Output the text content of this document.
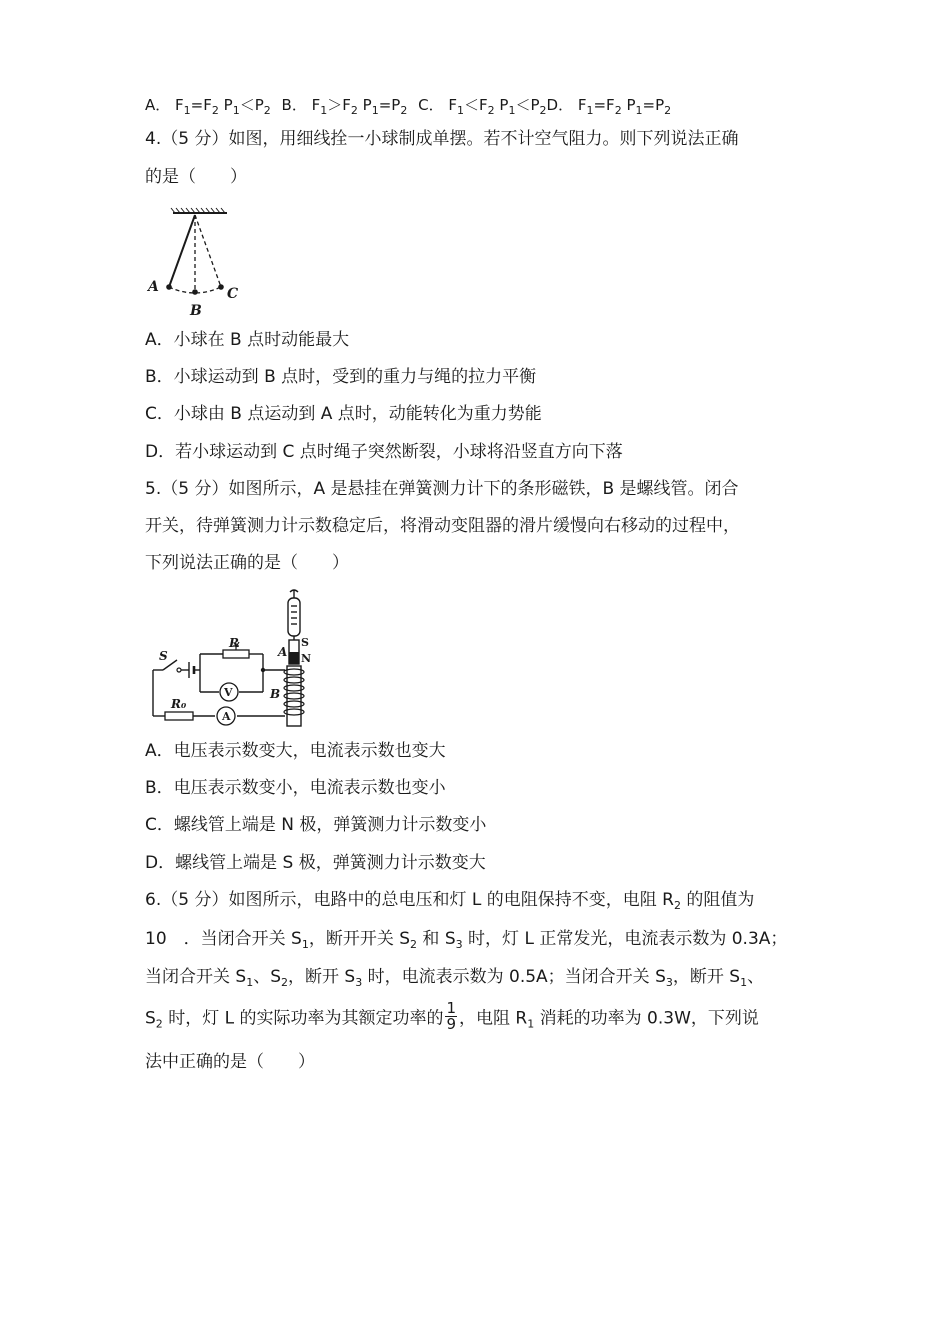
A． $F_1=F_2$ $P_1<P_2$ B． $F_1>F_2$ $P_1=P_2$ C． $F_1<F_2$ $P_1<P_2D$． $F_1=F_2$ $P_1=P_2$
4.（5 分）如图，用细线拴一小球制成单摆。若不计空气阻力。则下列说法正确
的是（　　）
A
B
C
A．小球在 B 点时动能最大
B．小球运动到 B 点时，受到的重力与绳的拉力平衡
C．小球由 B 点运动到 A 点时，动能转化为重力势能
D．若小球运动到 C 点时绳子突然断裂，小球将沿竖直方向下落
5.（5 分）如图所示，A 是悬挂在弹簧测力计下的条形磁铁，B 是螺线管。闭合
开关，待弹簧测力计示数稳定后，将滑动变阻器的滑片缓慢向右移动的过程中，
下列说法正确的是（　　）
S
R
V
R₀
A
B
A
S
N
A．电压表示数变大，电流表示数也变大
B．电压表示数变小，电流表示数也变小
C．螺线管上端是 N 极，弹簧测力计示数变小
D．螺线管上端是 S 极，弹簧测力计示数变大
6.（5 分）如图所示，电路中的总电压和灯 L 的电阻保持不变，电阻 $R_2$ 的阻值为
10　．当闭合开关 $S_1$，断开开关 $S_2$ 和 $S_3$ 时，灯 L 正常发光，电流表示数为 0.3A；
当闭合开关 $S_1$、$S_2$，断开 $S_3$ 时，电流表示数为 0.5A；当闭合开关 $S_3$，断开 $S_1$、
$S_2$ 时，灯 L 的实际功率为其额定功率的 $\frac{1}{9}$ ，电阻 $R_1$ 消耗的功率为 0.3W，下列说
法中正确的是（　　）
